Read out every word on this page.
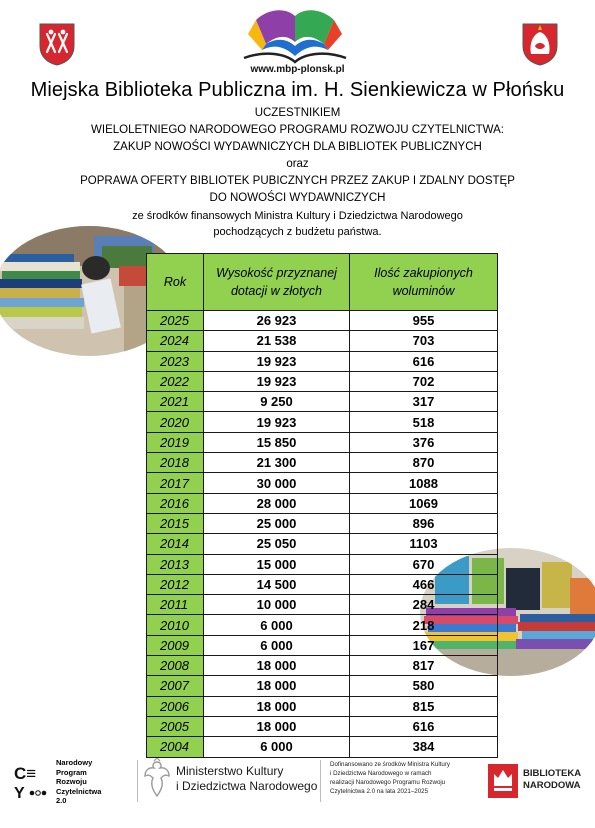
www.mbp-plonsk.pl
Miejska Biblioteka Publiczna im. H. Sienkiewicza w Płońsku
UCZESTNIKIEM
WIELOLETNIEGO NARODOWEGO PROGRAMU ROZWOJU CZYTELNICTWA:
ZAKUP NOWOŚCI WYDAWNICZYCH DLA BIBLIOTEK PUBLICZNYCH
oraz
POPRAWA OFERTY BIBLIOTEK PUBICZNYCH PRZEZ ZAKUP I ZDALNY DOSTĘP
DO NOWOŚCI WYDAWNICZYCH
ze środków finansowych Ministra Kultury i Dziedzictwa Narodowego
pochodzących z budżetu państwa.
Rok	Wysokość przyznanej dotacji w złotych	Ilość zakupionych woluminów
2025	26 923	955
2024	21 538	703
2023	19 923	616
2022	19 923	702
2021	9 250	317
2020	19 923	518
2019	15 850	376
2018	21 300	870
2017	30 000	1088
2016	28 000	1069
2015	25 000	896
2014	25 050	1103
2013	15 000	670
2012	14 500	466
2011	10 000	284
2010	6 000	218
2009	6 000	167
2008	18 000	817
2007	18 000	580
2006	18 000	815
2005	18 000	616
2004	6 000	384
C≡
Y
Narodowy
Program
Rozwoju
Czytelnictwa
2.0
Ministerstwo Kultury
i Dziedzictwa Narodowego
Dofinansowano ze środków Ministra Kultury
i Dziedzictwa Narodowego w ramach
realizacji Narodowego Programu Rozwoju
Czytelnictwa 2.0 na lata 2021–2025
BIBLIOTEKA
NARODOWA
